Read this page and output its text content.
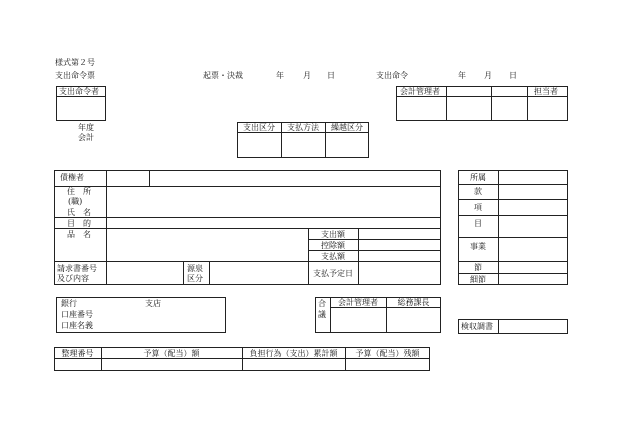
様式第２号
支出命令票	起票・決裁	年 月 日	支出命令	年 月 日
支出命令者	会計管理者	担当者
年度
会計
支出区分	支払方法	繰越区分
債権者
住　所
(職)
氏　名
目　的
品　名	支出額
控除額
支払額
請求書番号
及び内容
源泉
区分
支払予定日
所属
款
項
目
事業
節
細節
銀行	支店
口座番号
口座名義
合
議
会計管理者	総務課長
検収調書
整理番号	予算（配当）額	負担行為（支出）累計額	予算（配当）残額
